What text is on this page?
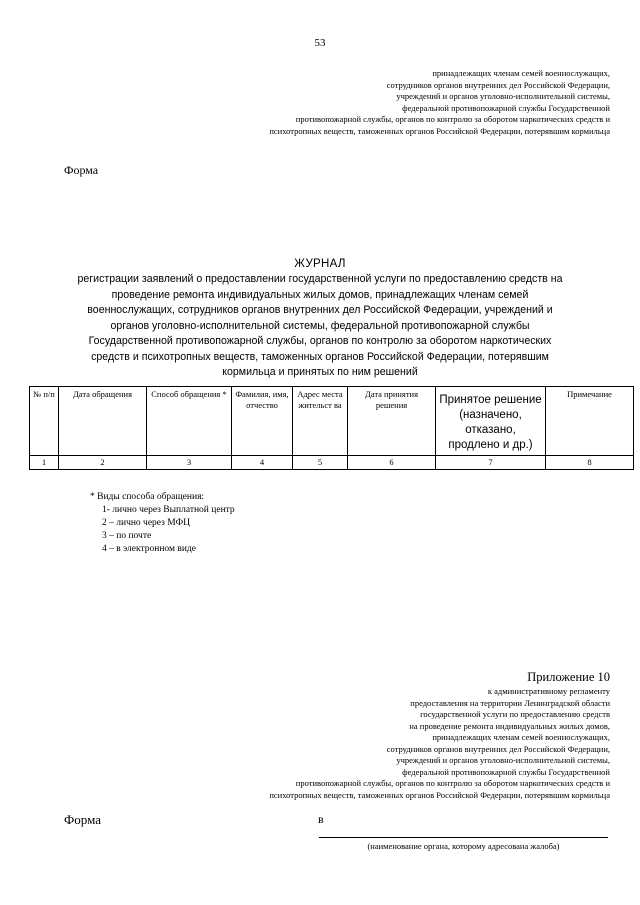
53
принадлежащих членам семей военнослужащих,
сотрудников органов внутренних дел Российской Федерации,
учреждений и органов уголовно-исполнительной системы,
федеральной противопожарной службы Государственной
противопожарной службы, органов по контролю за оборотом наркотических средств и
психотропных веществ, таможенных органов Российской Федерации, потерявшим кормильца
Форма
ЖУРНАЛ
регистрации заявлений о предоставлении государственной услуги по предоставлению средств на
проведение ремонта индивидуальных жилых домов, принадлежащих членам семей
военнослужащих, сотрудников органов внутренних дел Российской Федерации, учреждений и
органов уголовно-исполнительной системы, федеральной противопожарной службы
Государственной противопожарной службы, органов по контролю за оборотом наркотических
средств и психотропных веществ, таможенных органов Российской Федерации, потерявшим
кормильца и принятых по ним решений
№ п/п	Дата обращения	Способ обращения *	Фамилия, имя, отчество	Адрес места жительст ва	Дата принятия решения	Принятое решение (назначено, отказано, продлено и др.)	Примечание
1	2	3	4	5	6	7	8
* Виды способа обращения:
1- лично через Выплатной центр
2 – лично через МФЦ
3 – по почте
4 – в электронном виде
Приложение 10
к административному регламенту
предоставления на территории Ленинградской области
государственной услуги по предоставлению средств
на проведение ремонта индивидуальных жилых домов,
принадлежащих членам семей военнослужащих,
сотрудников органов внутренних дел Российской Федерации,
учреждений и органов уголовно-исполнительной системы,
федеральной противопожарной службы Государственной
противопожарной службы, органов по контролю за оборотом наркотических средств и
психотропных веществ, таможенных органов Российской Федерации, потерявшим кормильца
Форма	в
(наименование органа, которому адресована жалоба)
